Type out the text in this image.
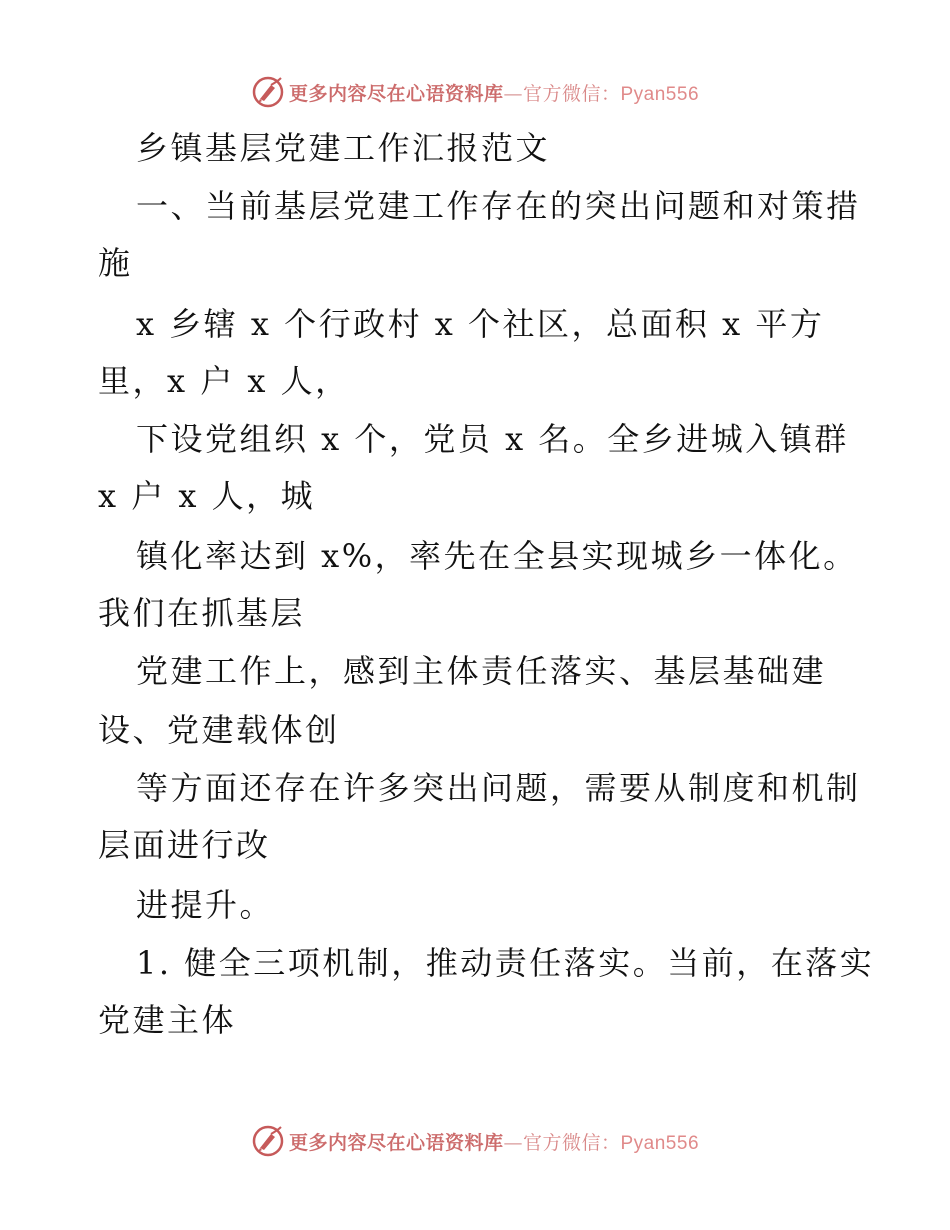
更多内容尽在心语资料库—官方微信：Pyan556
乡镇基层党建工作汇报范文
一、当前基层党建工作存在的突出问题和对策措
施
x 乡辖 x 个行政村 x 个社区，总面积 x 平方
里，x 户 x 人，
下设党组织 x 个，党员 x 名。全乡进城入镇群
x 户 x 人，城
镇化率达到 x%，率先在全县实现城乡一体化。
我们在抓基层
党建工作上，感到主体责任落实、基层基础建
设、党建载体创
等方面还存在许多突出问题，需要从制度和机制
层面进行改
进提升。
1. 健全三项机制，推动责任落实。当前，在落实
党建主体
更多内容尽在心语资料库—官方微信：Pyan556
